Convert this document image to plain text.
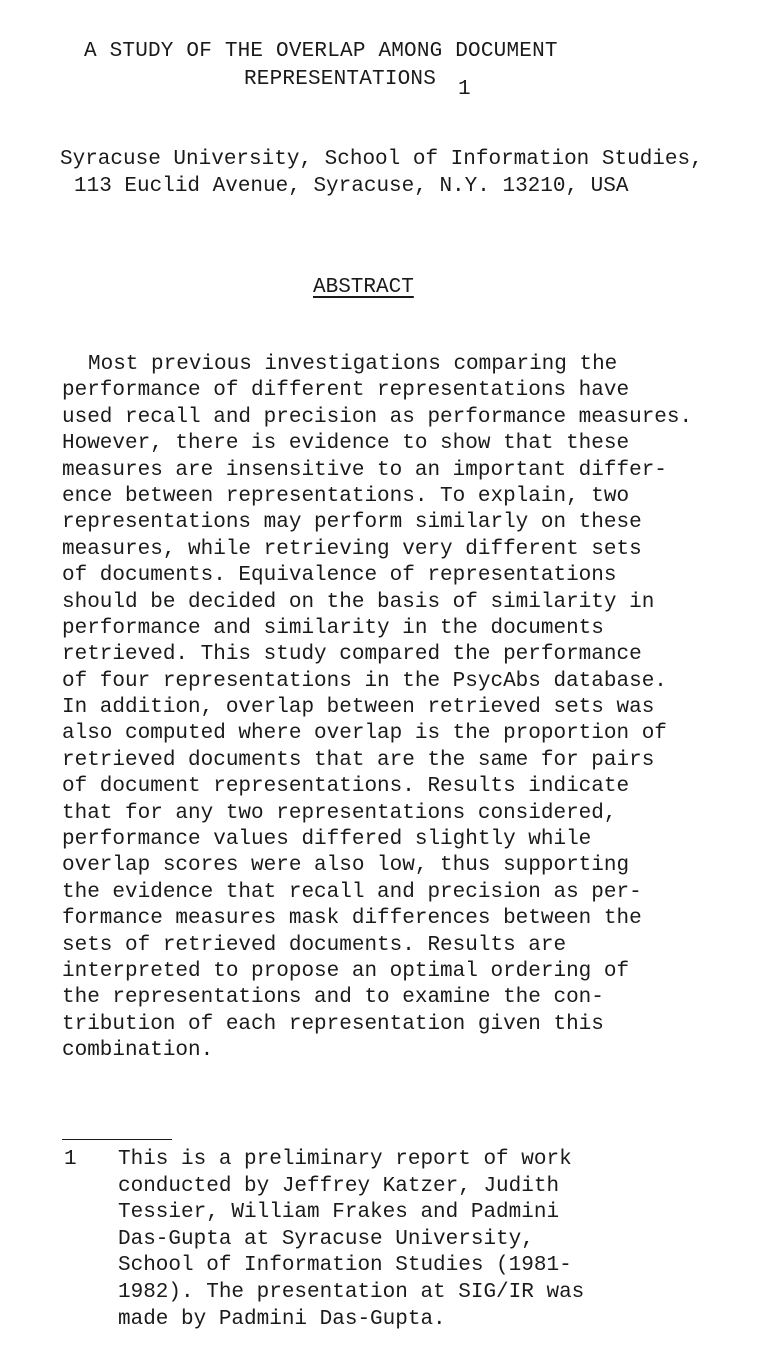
A STUDY OF THE OVERLAP AMONG DOCUMENT
REPRESENTATIONS 1
Syracuse University, School of Information Studies,
113 Euclid Avenue, Syracuse, N.Y. 13210, USA
ABSTRACT
Most previous investigations comparing the
performance of different representations have
used recall and precision as performance measures.
However, there is evidence to show that these
measures are insensitive to an important differ-
ence between representations. To explain, two
representations may perform similarly on these
measures, while retrieving very different sets
of documents. Equivalence of representations
should be decided on the basis of similarity in
performance and similarity in the documents
retrieved. This study compared the performance
of four representations in the PsycAbs database.
In addition, overlap between retrieved sets was
also computed where overlap is the proportion of
retrieved documents that are the same for pairs
of document representations. Results indicate
that for any two representations considered,
performance values differed slightly while
overlap scores were also low, thus supporting
the evidence that recall and precision as per-
formance measures mask differences between the
sets of retrieved documents. Results are
interpreted to propose an optimal ordering of
the representations and to examine the con-
tribution of each representation given this
combination.
1 This is a preliminary report of work
conducted by Jeffrey Katzer, Judith
Tessier, William Frakes and Padmini
Das-Gupta at Syracuse University,
School of Information Studies (1981-
1982). The presentation at SIG/IR was
made by Padmini Das-Gupta.
